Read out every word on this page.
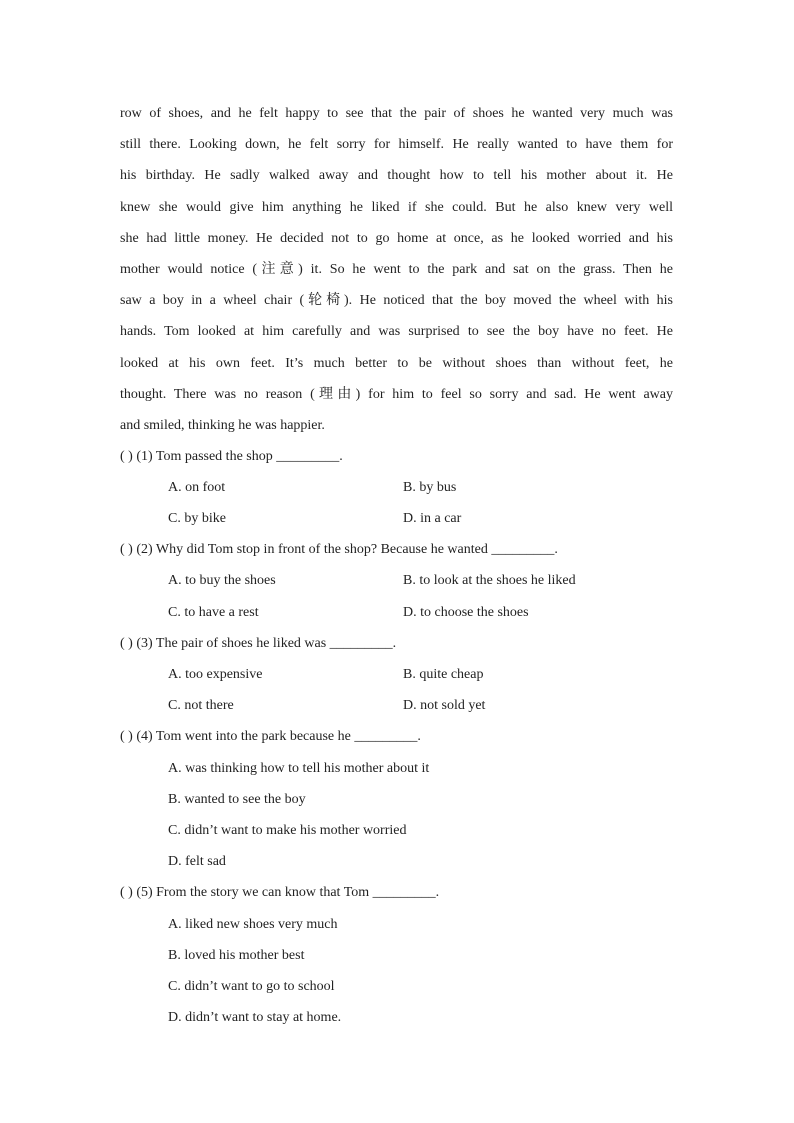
row of shoes, and he felt happy to see that the pair of shoes he wanted very much was
still there. Looking down, he felt sorry for himself. He really wanted to have them for
his birthday. He sadly walked away and thought how to tell his mother about it. He
knew she would give him anything he liked if she could. But he also knew very well
she had little money. He decided not to go home at once, as he looked worried and his
mother would notice (注意) it. So he went to the park and sat on the grass. Then he
saw a boy in a wheel chair (轮椅). He noticed that the boy moved the wheel with his
hands. Tom looked at him carefully and was surprised to see the boy have no feet. He
looked at his own feet. It’s much better to be without shoes than without feet, he
thought. There was no reason (理由) for him to feel so sorry and sad. He went away
and smiled, thinking he was happier.
( ) (1) Tom passed the shop _________.
A. on foot	B. by bus
C. by bike	D. in a car
( ) (2) Why did Tom stop in front of the shop? Because he wanted _________.
A. to buy the shoes	B. to look at the shoes he liked
C. to have a rest	D. to choose the shoes
( ) (3) The pair of shoes he liked was _________.
A. too expensive	B. quite cheap
C. not there	D. not sold yet
( ) (4) Tom went into the park because he _________.
A. was thinking how to tell his mother about it
B. wanted to see the boy
C. didn’t want to make his mother worried
D. felt sad
( ) (5) From the story we can know that Tom _________.
A. liked new shoes very much
B. loved his mother best
C. didn’t want to go to school
D. didn’t want to stay at home.
